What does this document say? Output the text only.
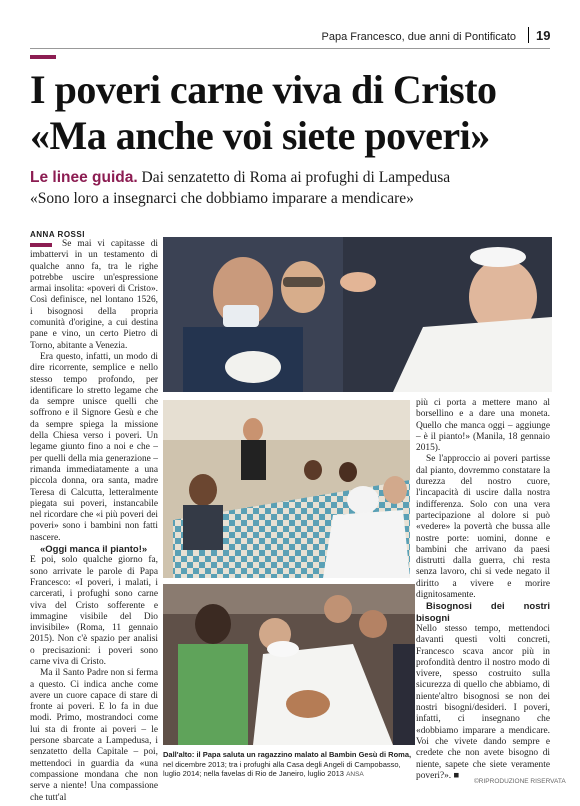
Papa Francesco, due anni di Pontificato 19
I poveri carne viva di Cristo
«Ma anche voi siete poveri»
Le linee guida. Dai senzatetto di Roma ai profughi di Lampedusa
«Sono loro a insegnarci che dobbiamo imparare a mendicare»
ANNA ROSSI

Se mai vi capitasse di imbattervi in un testamento di qualche anno fa, tra le righe potrebbe uscire un'espressione armai insolita: «poveri di Cristo». Così definisce, nel lontano 1526, i bisognosi della propria comunità d'origine, a cui destina pane e vino, un certo Pietro di Torno, abitante a Venezia.

Era questo, infatti, un modo di dire ricorrente, semplice e nello stesso tempo profondo, per identificare lo stretto legame che da sempre unisce quelli che soffrono e il Signore Gesù e che da sempre spiega la missione della Chiesa verso i poveri. Un legame giunto fino a noi e che – per quelli della mia generazione – rimanda immediatamente a una piccola donna, ora santa, madre Teresa di Calcutta, letteralmente piegata sui poveri, instancabile nel ricordare che «i più poveri dei poveri» sono i bambini non fatti nascere.

«Oggi manca il pianto!»

E poi, solo qualche giorno fa, sono arrivate le parole di Papa Francesco: «I poveri, i malati, i carcerati, i profughi sono carne viva del Cristo sofferente e immagine visibile del Dio invisibile» (Roma, 11 gennaio 2015). Non c'è spazio per analisi o precisazioni: i poveri sono carne viva di Cristo.

Ma il Santo Padre non si ferma a questo. Ci indica anche come avere un cuore capace di stare di fronte ai poveri. E lo fa in due modi. Primo, mostrandoci come lui sta di fronte ai poveri – le persone sbarcate a Lampedusa, i senzatetto della Capitale – poi, mettendoci in guardia da «una compassione mondana che non serve a niente! Una compassione che tutt'al

più ci porta a mettere mano al borsellino e a dare una moneta. Quello che manca oggi – aggiunge – è il pianto!» (Manila, 18 gennaio 2015).

Se l'approccio ai poveri partisse dal pianto, dovremmo constatare la durezza del nostro cuore, l'incapacità di uscire dalla nostra indifferenza. Solo con una vera partecipazione al dolore si può «vedere» la povertà che bussa alle nostre porte: uomini, donne e bambini che arrivano da paesi distrutti dalla guerra, chi resta senza lavoro, chi si vede negato il diritto a vivere e morire dignitosamente.

Bisognosi dei nostri bisogni

Nello stesso tempo, mettendoci davanti questi volti concreti, Francesco scava ancor più in profondità dentro il nostro modo di vivere, spesso costruito sulla sicurezza di quello che abbiamo, di niente'altro bisognosi se non dei nostri bisogni/desideri. I poveri, infatti, ci insegnano che «dobbiamo imparare a mendicare. Voi che vivete dando sempre e credete che non avete bisogno di niente, sapete che siete veramente poveri?». ■

Dall'alto: il Papa saluta un ragazzino malato al Bambin Gesù di Roma, nel dicembre 2013; tra i profughi alla Casa degli Angeli di Campobasso, luglio 2014; nella favelas di Rio de Janeiro, luglio 2013 ANSA
©RIPRODUZIONE RISERVATA
